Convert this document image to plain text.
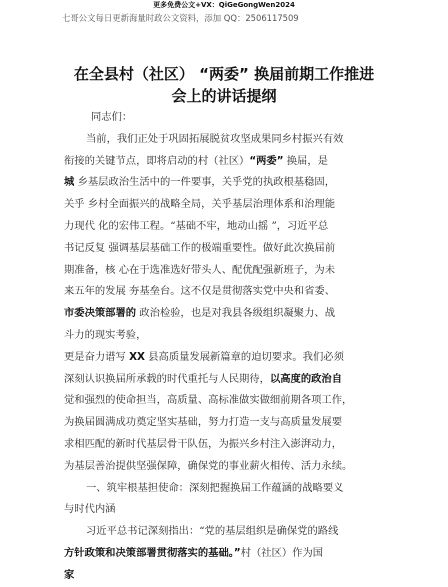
更多免费公文+VX：QiGeGongWen2024
七哥公文每日更新海量时政公文资料，添加 QQ：2506117509
在全县村（社区） “两委” 换届前期工作推进
会上的讲话提纲
同志们：
当前，我们正处于巩固拓展脱贫攻坚成果同乡村振兴有效
衔接的关键节点，即将启动的村（社区）“两委” 换届，是
城 乡基层政治生活中的一件要事，关乎党的执政根基稳固，
关乎 乡村全面振兴的战略全局，关乎基层治理体系和治理能
力现代 化的宏伟工程。“基础不牢，地动山摇 ”，习近平总
书记反复 强调基层基础工作的极端重要性。做好此次换届前
期准备，核 心在于选准选好带头人、配优配强新班子，为未
来五年的发展 夯基垒台。这不仅是贯彻落实党中央和省委、
市委决策部署的 政治检验，也是对我县各级组织凝聚力、战
斗力的现实考验，
更是奋力谱写 XX 县高质量发展新篇章的迫切要求。我们必须
深刻认识换届所承载的时代重托与人民期待，以高度的政治自
觉和强烈的使命担当，高质量、高标准做实做细前期各项工作，
为换届圆满成功奠定坚实基础，努力打造一支与高质量发展要
求相匹配的新时代基层骨干队伍，为振兴乡村注入澎湃动力，
为基层善治提供坚强保障，确保党的事业薪火相传、活力永续。
一、筑牢根基担使命：深刻把握换届工作蕴涵的战略要义
与时代内涵
习近平总书记深刻指出：“党的基层组织是确保党的路线
方针政策和决策部署贯彻落实的基础。”村（社区）作为国
家
